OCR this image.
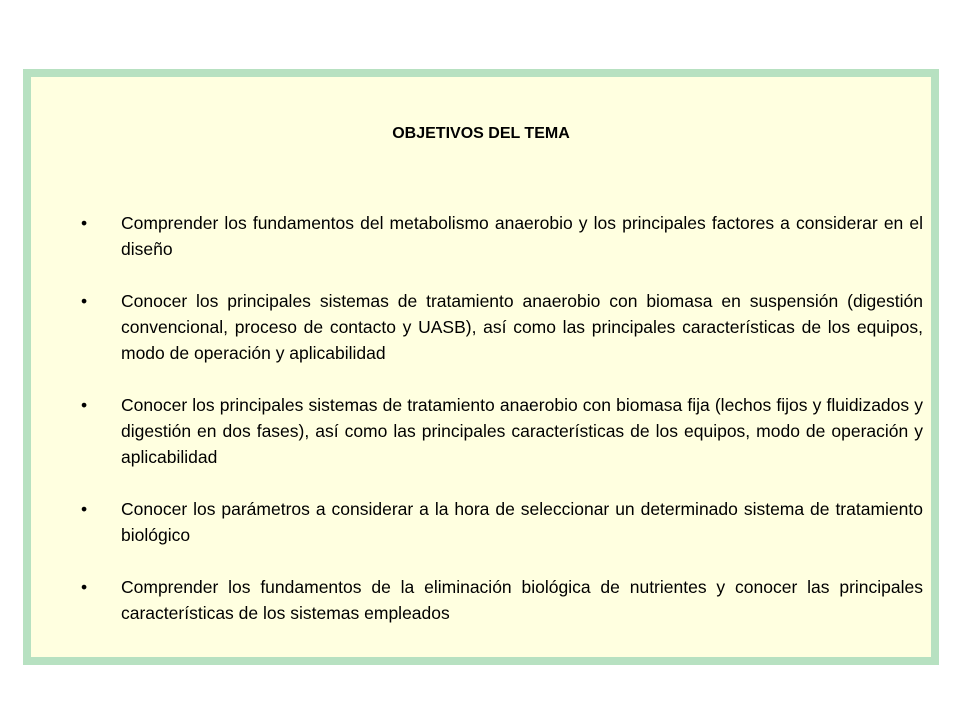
OBJETIVOS DEL TEMA
• Comprender los fundamentos del metabolismo anaerobio y los principales factores a considerar en el diseño
• Conocer los principales sistemas de tratamiento anaerobio con biomasa en suspensión (digestión convencional, proceso de contacto y UASB), así como las principales características de los equipos, modo de operación y aplicabilidad
• Conocer los principales sistemas de tratamiento anaerobio con biomasa fija (lechos fijos y fluidizados y digestión en dos fases), así como las principales características de los equipos, modo de operación y aplicabilidad
• Conocer los parámetros a considerar a la hora de seleccionar un determinado sistema de tratamiento biológico
• Comprender los fundamentos de la eliminación biológica de nutrientes y conocer las principales características de los sistemas empleados
